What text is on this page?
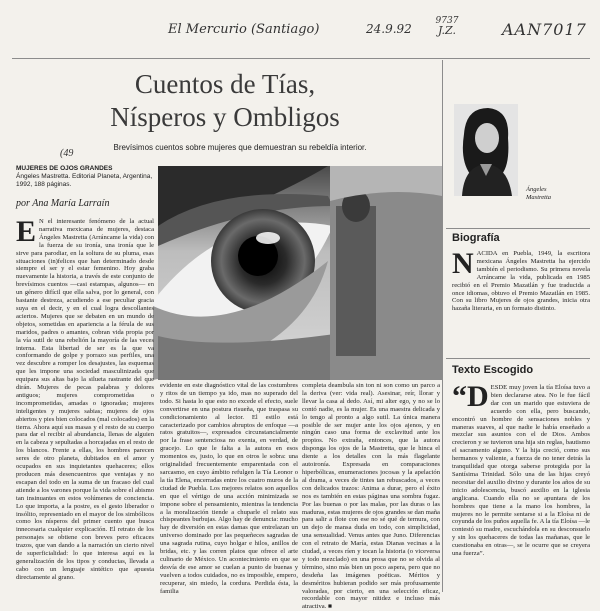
El Mercurio (Santiago)	24.9.92
9737
J.Z.	AAN7017
Cuentos de Tías,
Nísperos y Ombligos
Brevísimos cuentos sobre mujeres que demuestran su rebeldía interior.
(49
MUJERES DE OJOS GRANDES
Ángeles Mastretta. Editorial Planeta, Argentina, 1992, 188 páginas.
por Ana María Larraín
E N el interesante fenómeno de la actual narrativa mexicana de mujeres, destaca Ángeles Mastretta (Arráncame la vida) con la fuerza de su ironía, una ironía que le sirve para parodiar, en la soltura de su pluma, esas situaciones (in)felices que han determinado desde siempre el ser y el estar femenino. Hoy graba nuevamente la historia, a través de este conjunto de brevísimos cuentos —casi estampas, algunos— en un género difícil que ella salva, por lo general, con bastante destreza, acudiendo a ese peculiar gracia suya en el decir, y en el cual logra descollantes aciertos. Mujeres que se debaten en un mundo de objetos, sometidas en apariencia a la férula de sus maridos, padres o amantes, cobran vida propia por la vía sutil de una rebelión la mayoría de las veces interna. Esta libertad de ser es la que va conformando de golpe y porrazo sus perfiles, una vez descubre a romper los desajustes, las esquemas que les impone una sociedad masculinizada que equipara sus altas bajo la silueta rastrante del que dirán. Mujeres de pecas palabras y dolores antiguos; mujeres comprometidas o incomprometidas, amadas o ignoradas; mujeres inteligentes y mujeres sabias; mujeres de ojos abiertos y pies bien colocados (mal colocados) en la tierra. Ahora aquí sus masas y el resto de su cuerpo para dar el recibir al abundancia, llenas de alguien en la cabeza y sepultadas a horcajadas en el resto de los blancos. Frente a ellas, los hombres parecen seres de otro planeta, dubitados en el amor y ocupados en sus inquietantes quehaceres; ellos producen más desencuentros que ventajas y no escapan del todo en la suma de un fracaso del cual atiende a los varones porque la vida sobre el abismo tan insinuantes en estos volúmenes de conciencia. Lo que importa, a la postre, es el gesto liberador o insólito, representado en el mayor de los simbólicos como los nísperos del primer cuento que busca innecesaria cualquier explicación. El retrato de los personajes se obtiene con breves pero eficaces trazos, que van dando a la narración un cierto nivel de superficialidad: lo que interesa aquí es la generalización de los tipos y conductas, llevada a cabo con un lenguaje sintético que apuesta directamente al grano.
evidente en este diagnóstico vital de las costumbres y ritos de un tiempo ya ido, mas no superado del todo. Si hasta lo que esto no excede el efecto, suele convertirse en una postura risueña, que traspasa su condicionamiento al lector. El estilo está caracterizado por cambios abruptos de enfoque —a ratos gratuitos—, expresados circunstancialmente por la frase sentenciosa no exenta, en verdad, de gracejo. Lo que le falta a la autora en esos momentos es, justo, lo que en otros le sobra: una originalidad frecuentemente emparentada con el sarcasmo, en cuyo ámbito refulgen la Tía Leonor o la tía Elena, encerradas entre los cuatro muros de la ciudad de Puebla. Los mejores relatos son aquellos en que el vértigo de una acción minimizada se impone sobre el pensamiento, mientras la tendencia a la moralización tiende a chuparle el relato sus chispeantes burbujas. Algo hay de denuncia: mucho hay de diversión en estas damas que entrelazan un universo dominado por las pequeñeces sagradas de una sagrada rutina, cuyo holgar e hilos, anillos de bridas, etc. y las corren platos que ofrece el arte culinario de México. Un acontecimiento en que se desvía de ese amor se cuelan a punto de buenas y vuelven a todos cuidados, no es imposible, empero, recuperar, sin miedo, la cordura. Perdida ésta, la familia
completa deambula sin ton ni son como un parco a la deriva (ver: vida real). Asesinar, reír, llorar y llevar la casa al dedo. Así, mi alter ego, y no se lo contó nadie, es la mujer. Es una maestra delicada y lo tengo al pronto a algo sutil. La única manera posible de ser mujer ante los ojos ajenos, y en ningún caso una forma de exclavitud ante los propios. No extraña, entonces, que la autora disponga los ojos de la Mastretta, que le hinca el diente a los detalles con la más flagelante autoironía. Expresada en comparaciones hiperbólicas, enumeraciones jocosas y la apelación al drama, a veces de tintes tan rebuscados, a veces con delicados trazos: Anima a durar, pero el éxito nos es también en estas páginas una sombra fugaz. Por las buenas o por las malas, por las duras o las maduras, estas mujeres de ojos grandes se dan maña para salir a flote con ese no sé qué de ternura, con un dejo de mansa duda en todo, con simplicidad, una sensualidad. Venus antes que Juno. Diferencias con el retrato de María, estas Dianas vecinas a la ciudad, a veces ríen y tocan la historia (o viceversa y todo mezclado) en una prosa que no se olvida al término, sino más bien un poco aspera, pero que no desdeña las imágenes poéticas. Méritos y desméritos hubieran podido ser más profusamente valoradas, por cierto, en una selección eficaz, recordable con mayor nitidez e incluso más atractiva. ■
Ángeles
Mastretta
Biografía
N ACIDA en Puebla, 1949, la escritora mexicana Ángeles Mastretta ha ejercido también el periodismo. Su primera novela Arráncame la vida, publicada en 1985 recibió en el Premio Mazatlán y fue traducida a once idiomas, obtuvo el Premio Mazatlán en 1985. Con su libro Mujeres de ojos grandes, inicia otra hazaña literaria, en un formato distinto.
Texto Escogido
“D ESDE muy joven la tía Eloísa tuvo a bien declararse atea. No le fue fácil dar con un marido que estuviera de acuerdo con ella, pero buscando, encontró un hombre de sensaciones nobles y maneras suaves, al que nadie le había enseñado a mezclar sus asuntos con el de Dios. Ambos crecieron y se tuvieron una hija sin reglas, bautismo el sacramento alguno. Y la hija creció, como sus hermanos y valiente, a fuerza de no tener detrás la tranquilidad que otorga saberse protegida por la Santísima Trinidad. Sólo una de las hijas creyó necesitar del auxilio divino y durante los años de su inicio adolescencia, buscó auxilio en la iglesia anglicana. Cuando ella no se apuntara de los hombres que tiene a la mano los hombres, la mujeres no le permite sentarse si a la Eloísa ni de coyunda de los puños aquella fe. A la tía Eloísa —le contestó su madre, escuchándola en su desconsuelo y sin los quehaceres de todas las mañanas, que le cuestionaba en otras—, se le ocurre que se creyera una fuerza”.
